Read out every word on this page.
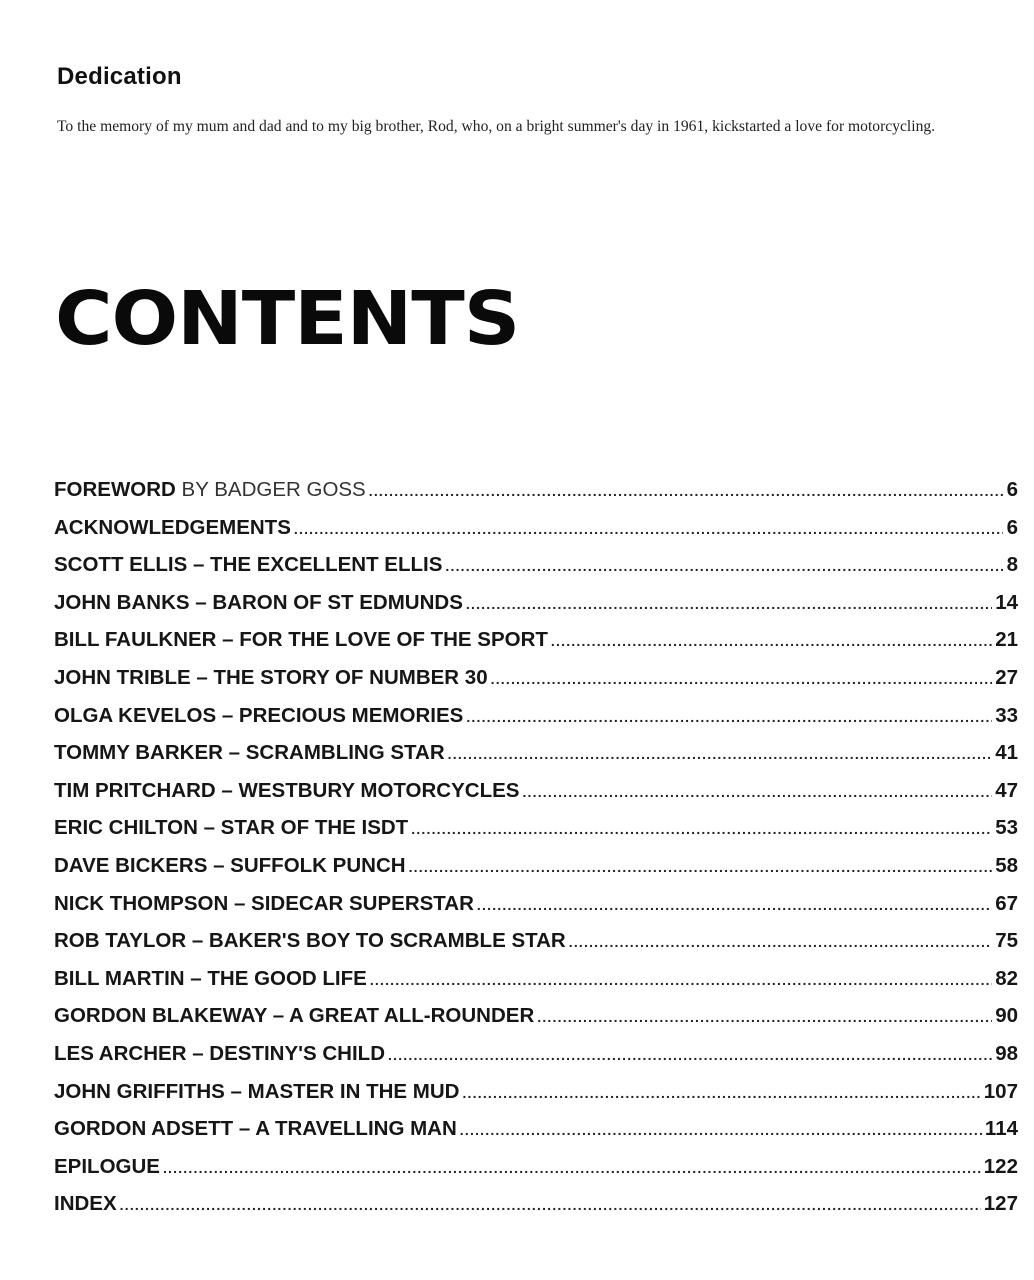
Dedication

To the memory of my mum and dad and to my big brother, Rod, who, on a bright summer's day in 1961, kickstarted a love for motorcycling.

CONTENTS
FOREWORD BY BADGER GOSS .....	6
ACKNOWLEDGEMENTS .....	6
SCOTT ELLIS – THE EXCELLENT ELLIS .....	8
JOHN BANKS – BARON OF ST EDMUNDS .....	14
BILL FAULKNER – FOR THE LOVE OF THE SPORT .....	21
JOHN TRIBLE – THE STORY OF NUMBER 30 .....	27
OLGA KEVELOS – PRECIOUS MEMORIES .....	33
TOMMY BARKER – SCRAMBLING STAR .....	41
TIM PRITCHARD – WESTBURY MOTORCYCLES .....	47
ERIC CHILTON – STAR OF THE ISDT .....	53
DAVE BICKERS – SUFFOLK PUNCH .....	58
NICK THOMPSON – SIDECAR SUPERSTAR .....	67
ROB TAYLOR – BAKER'S BOY TO SCRAMBLE STAR .....	75
BILL MARTIN – THE GOOD LIFE .....	82
GORDON BLAKEWAY – A GREAT ALL-ROUNDER .....	90
LES ARCHER – DESTINY'S CHILD .....	98
JOHN GRIFFITHS – MASTER IN THE MUD .....	107
GORDON ADSETT – A TRAVELLING MAN .....	114
EPILOGUE .....	122
INDEX .....	127
